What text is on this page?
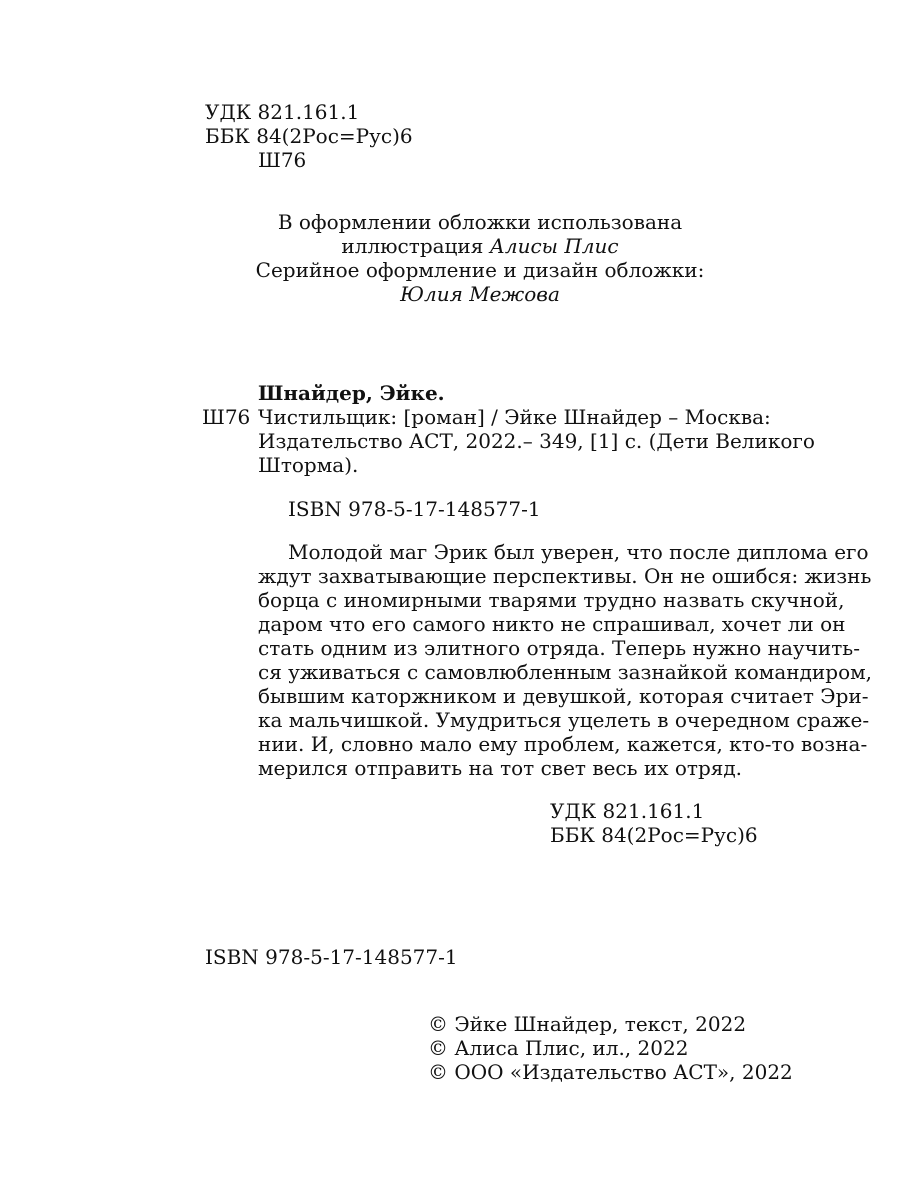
УДК 821.161.1
ББК 84(2Рос=Рус)6
Ш76
В оформлении обложки использована
иллюстрация Алисы Плис
Серийное оформление и дизайн обложки:
Юлия Межова
Шнайдер, Эйке.
Ш76 Чистильщик: [роман] / Эйке Шнайдер – Москва:
Издательство АСТ, 2022.– 349, [1] с. (Дети Великого
Шторма).
ISBN 978-5-17-148577-1
Молодой маг Эрик был уверен, что после диплома его
ждут захватывающие перспективы. Он не ошибся: жизнь
борца с иномирными тварями трудно назвать скучной,
даром что его самого никто не спрашивал, хочет ли он
стать одним из элитного отряда. Теперь нужно научить-
ся уживаться с самовлюбленным зазнайкой командиром,
бывшим каторжником и девушкой, которая считает Эри-
ка мальчишкой. Умудриться уцелеть в очередном сраже-
нии. И, словно мало ему проблем, кажется, кто-то возна-
мерился отправить на тот свет весь их отряд.
УДК 821.161.1
ББК 84(2Рос=Рус)6
ISBN 978-5-17-148577-1
© Эйке Шнайдер, текст, 2022
© Алиса Плис, ил., 2022
© ООО «Издательство АСТ», 2022
